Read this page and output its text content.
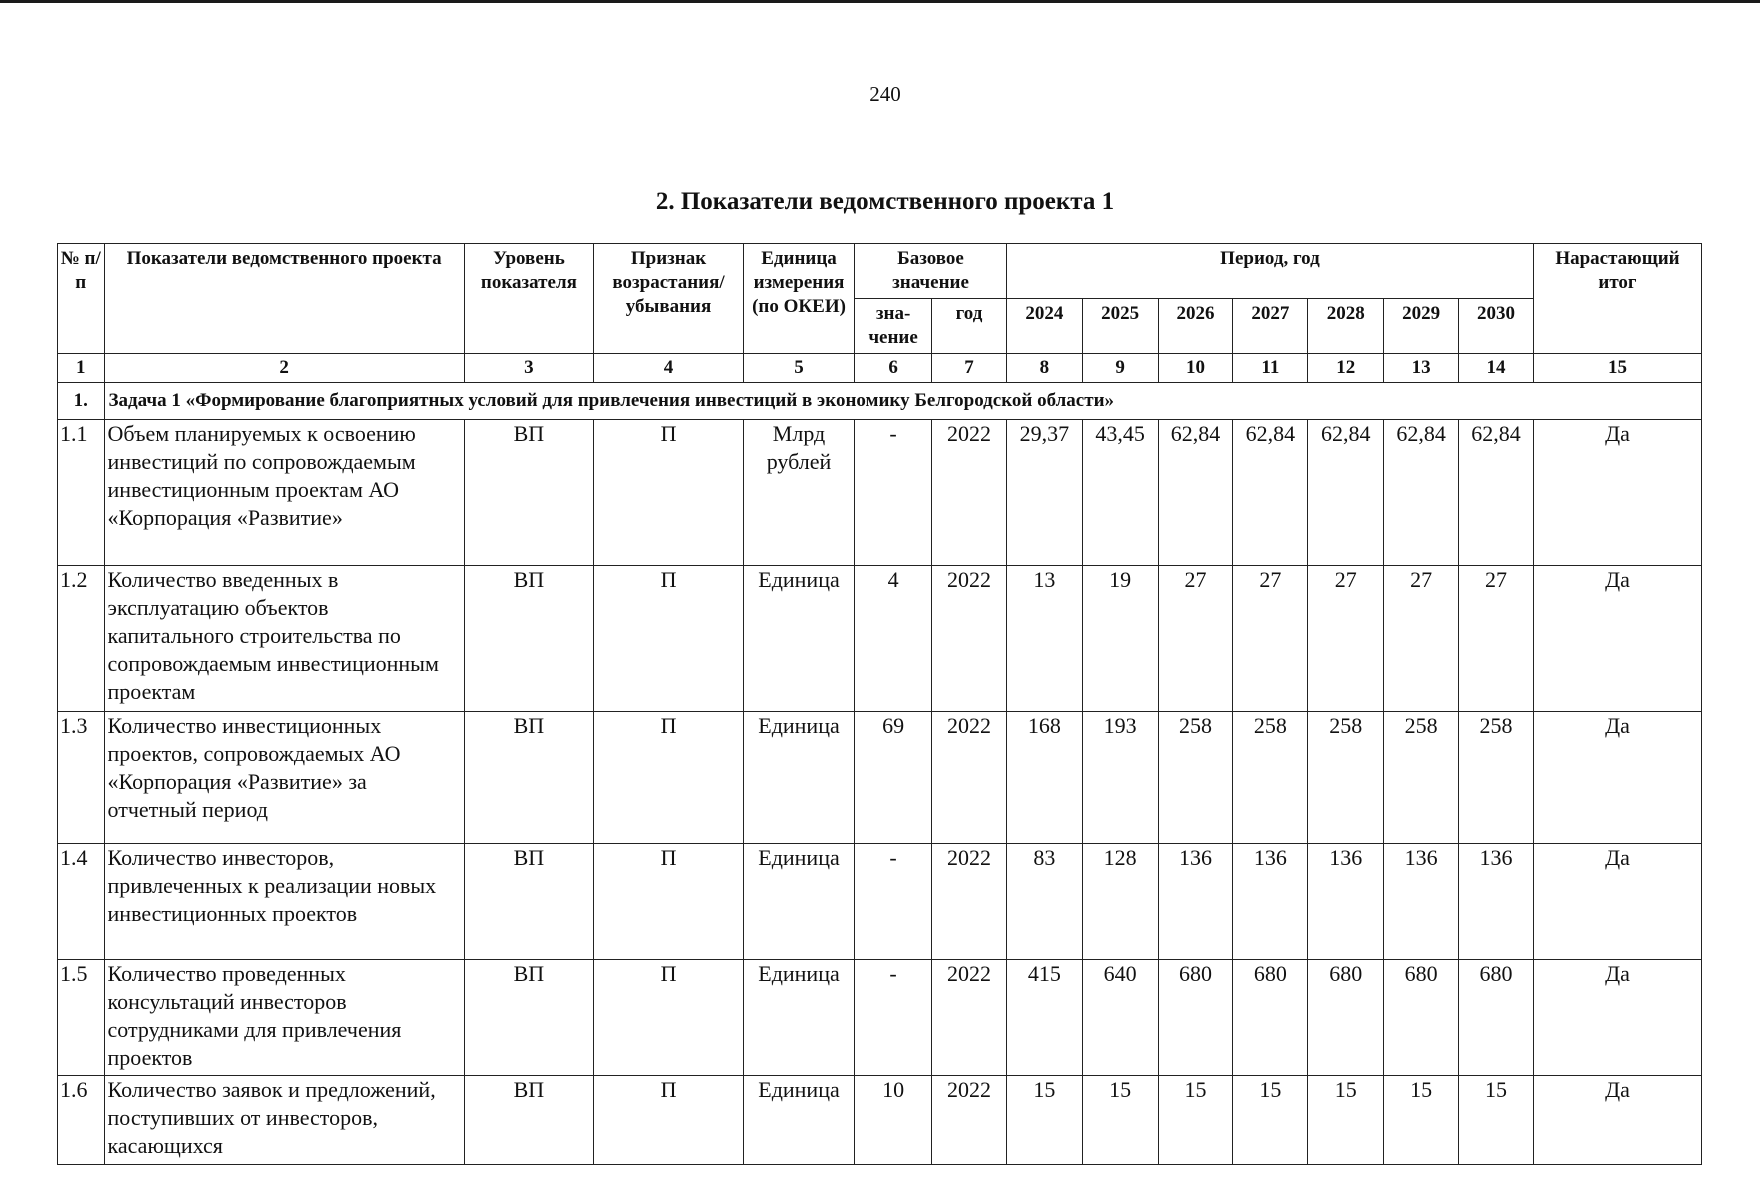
240
2. Показатели ведомственного проекта 1
№ п/п	Показатели ведомственного проекта	Уровень показателя	Признак возрастания/ убывания	Единица измерения (по ОКЕИ)	Базовое значение		Период, год							Нарастающий итог
					зна-чение	год	2024	2025	2026	2027	2028	2029	2030	
1	2	3	4	5	6	7	8	9	10	11	12	13	14	15
1.	Задача 1 «Формирование благоприятных условий для привлечения инвестиций в экономику Белгородской области»													
1.1	Объем планируемых к освоению инвестиций по сопровождаемым инвестиционным проектам АО «Корпорация «Развитие»	ВП	П	Млрд рублей	-	2022	29,37	43,45	62,84	62,84	62,84	62,84	62,84	Да
1.2	Количество введенных в эксплуатацию объектов капитального строительства по сопровождаемым инвестиционным проектам	ВП	П	Единица	4	2022	13	19	27	27	27	27	27	Да
1.3	Количество инвестиционных проектов, сопровождаемых АО «Корпорация «Развитие» за отчетный период	ВП	П	Единица	69	2022	168	193	258	258	258	258	258	Да
1.4	Количество инвесторов, привлеченных к реализации новых инвестиционных проектов	ВП	П	Единица	-	2022	83	128	136	136	136	136	136	Да
1.5	Количество проведенных консультаций инвесторов сотрудниками для привлечения проектов	ВП	П	Единица	-	2022	415	640	680	680	680	680	680	Да
1.6	Количество заявок и предложений, поступивших от инвесторов, касающихся	ВП	П	Единица	10	2022	15	15	15	15	15	15	15	Да
